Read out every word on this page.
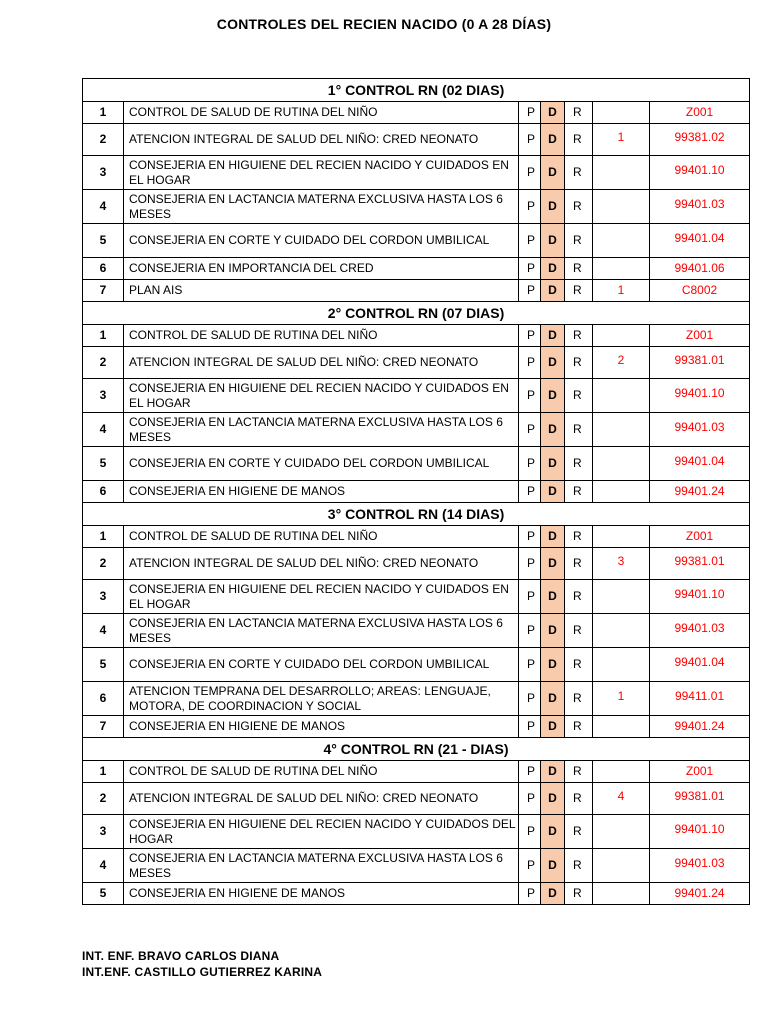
CONTROLES DEL RECIEN NACIDO (0 A 28 DÍAS)
1° CONTROL RN (02 DIAS)						
1	CONTROL DE SALUD DE RUTINA DEL NIÑO	P	D	R		Z001
2	ATENCION INTEGRAL DE SALUD DEL NIÑO: CRED NEONATO	P	D	R	1	99381.02
3	CONSEJERIA EN HIGUIENE DEL RECIEN NACIDO Y CUIDADOS EN EL HOGAR	P	D	R		99401.10
4	CONSEJERIA EN LACTANCIA MATERNA EXCLUSIVA HASTA LOS 6 MESES	P	D	R		99401.03
5	CONSEJERIA EN CORTE Y CUIDADO DEL CORDON UMBILICAL	P	D	R		99401.04
6	CONSEJERIA EN IMPORTANCIA DEL CRED	P	D	R		99401.06
7	PLAN AIS	P	D	R	1	C8002
2° CONTROL RN (07 DIAS)						
1	CONTROL DE SALUD DE RUTINA DEL NIÑO	P	D	R		Z001
2	ATENCION INTEGRAL DE SALUD DEL NIÑO: CRED NEONATO	P	D	R	2	99381.01
3	CONSEJERIA EN HIGUIENE DEL RECIEN NACIDO Y CUIDADOS EN EL HOGAR	P	D	R		99401.10
4	CONSEJERIA EN LACTANCIA MATERNA EXCLUSIVA HASTA LOS 6 MESES	P	D	R		99401.03
5	CONSEJERIA EN CORTE Y CUIDADO DEL CORDON UMBILICAL	P	D	R		99401.04
6	CONSEJERIA EN HIGIENE DE MANOS	P	D	R		99401.24
3° CONTROL RN (14 DIAS)						
1	CONTROL DE SALUD DE RUTINA DEL NIÑO	P	D	R		Z001
2	ATENCION INTEGRAL DE SALUD DEL NIÑO: CRED NEONATO	P	D	R	3	99381.01
3	CONSEJERIA EN HIGUIENE DEL RECIEN NACIDO Y CUIDADOS EN EL HOGAR	P	D	R		99401.10
4	CONSEJERIA EN LACTANCIA MATERNA EXCLUSIVA HASTA LOS 6 MESES	P	D	R		99401.03
5	CONSEJERIA EN CORTE Y CUIDADO DEL CORDON UMBILICAL	P	D	R		99401.04
6	ATENCION TEMPRANA DEL DESARROLLO; AREAS: LENGUAJE, MOTORA, DE COORDINACION Y SOCIAL	P	D	R	1	99411.01
7	CONSEJERIA EN HIGIENE DE MANOS	P	D	R		99401.24
4° CONTROL RN (21 - DIAS)						
1	CONTROL DE SALUD DE RUTINA DEL NIÑO	P	D	R		Z001
2	ATENCION INTEGRAL DE SALUD DEL NIÑO: CRED NEONATO	P	D	R	4	99381.01
3	CONSEJERIA EN HIGUIENE DEL RECIEN NACIDO Y CUIDADOS DEL HOGAR	P	D	R		99401.10
4	CONSEJERIA EN LACTANCIA MATERNA EXCLUSIVA HASTA LOS 6 MESES	P	D	R		99401.03
5	CONSEJERIA EN HIGIENE DE MANOS	P	D	R		99401.24
INT. ENF. BRAVO CARLOS DIANA
INT.ENF. CASTILLO GUTIERREZ KARINA
